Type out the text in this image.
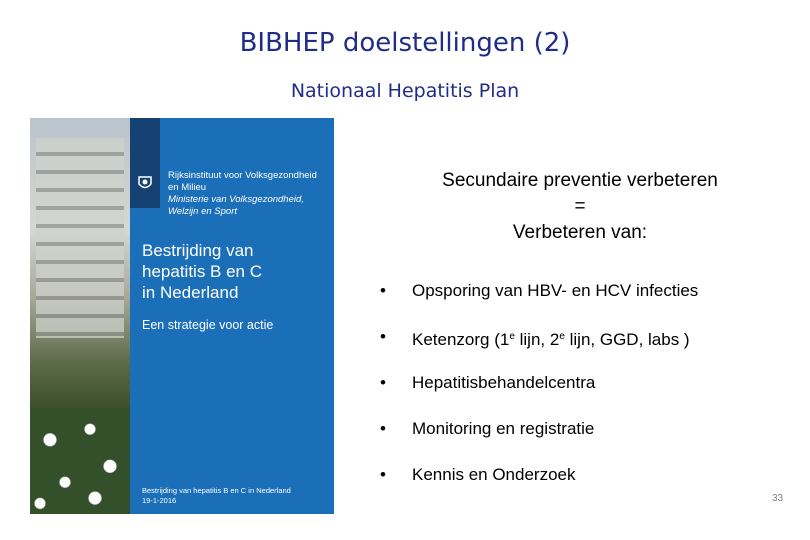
BIBHEP doelstellingen (2)
Nationaal Hepatitis Plan
Rijksinstituut voor Volksgezondheid
en Milieu
Ministerie van Volksgezondheid,
Welzijn en Sport
Bestrijding van
hepatitis B en C
in Nederland
Een strategie voor actie
Bestrijding van hepatitis B en C in Nederland
19-1-2016
Secundaire preventie verbeteren
=
Verbeteren van:
• Opsporing van HBV- en HCV infecties
• Ketenzorg (1e lijn, 2e lijn, GGD, labs )
• Hepatitisbehandelcentra
• Monitoring en registratie
• Kennis en Onderzoek
33
